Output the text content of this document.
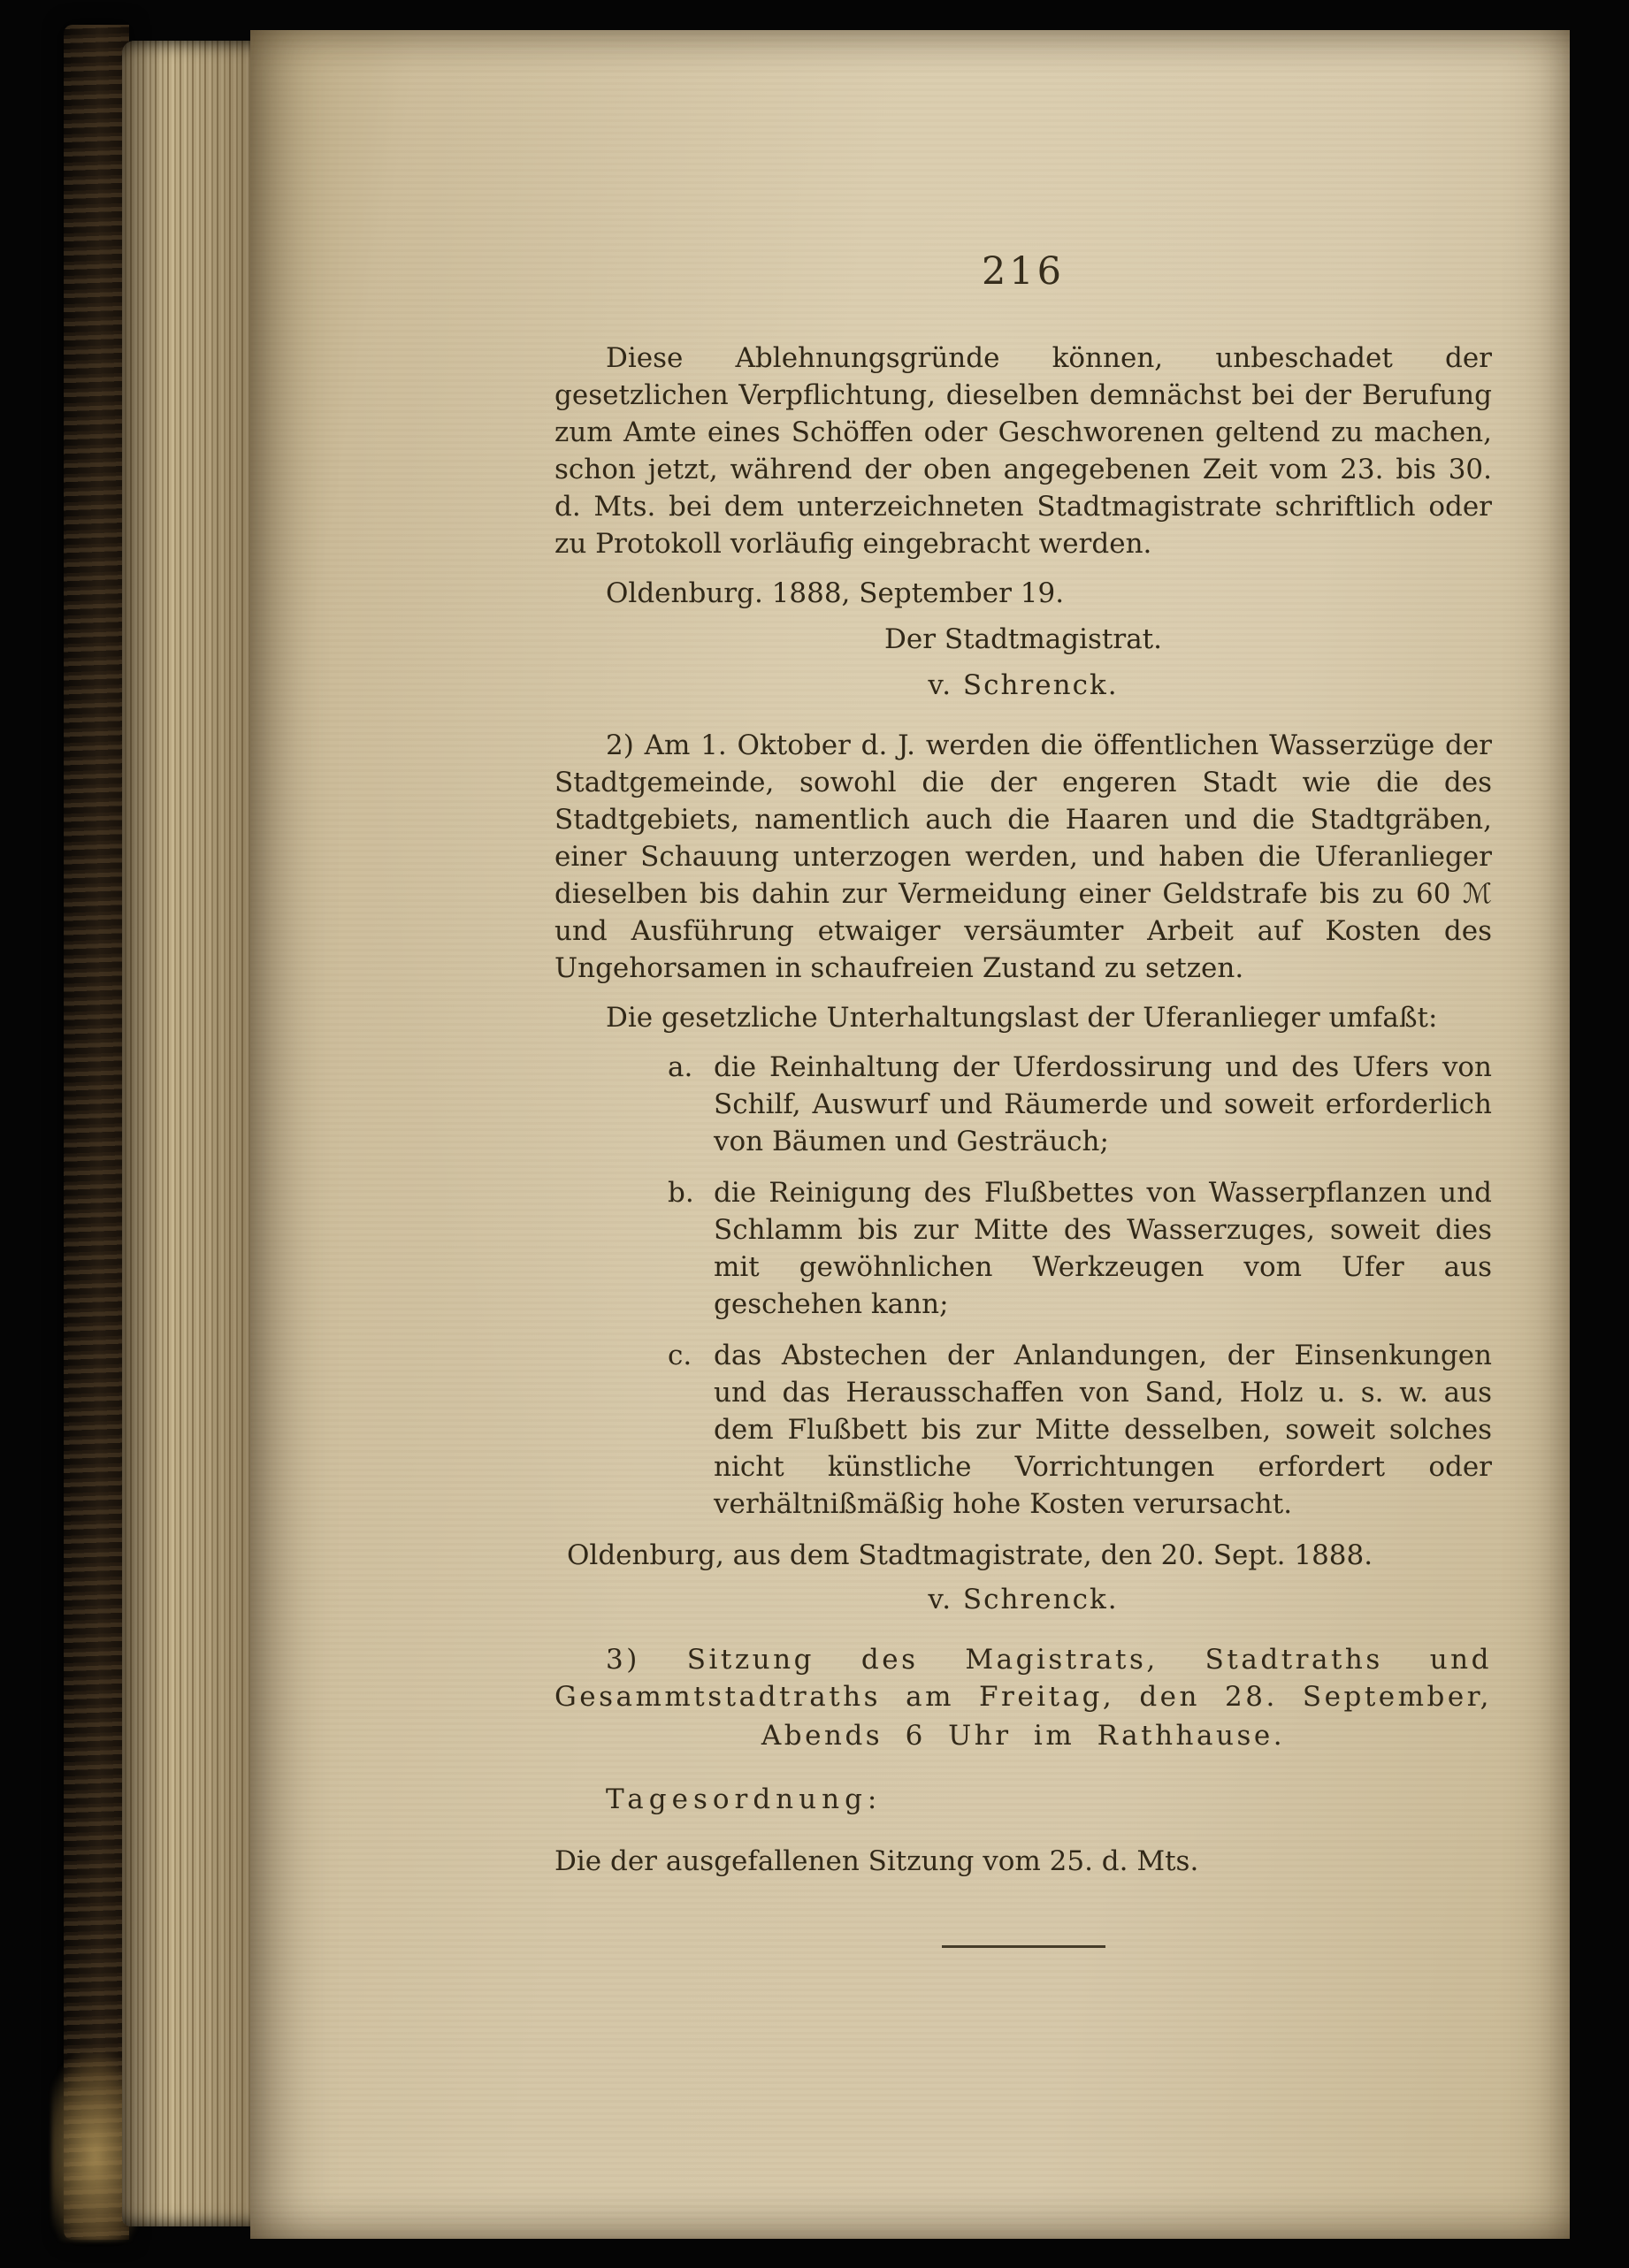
216

Diese Ablehnungsgründe können, unbeschadet der gesetzlichen Verpflichtung, dieselben demnächst bei der Berufung zum Amte eines Schöffen oder Geschworenen geltend zu machen, schon jetzt, während der oben angegebenen Zeit vom 23. bis 30. d. Mts. bei dem unterzeichneten Stadtmagistrate schriftlich oder zu Protokoll vorläufig eingebracht werden.

Oldenburg. 1888, September 19.
Der Stadtmagistrat.
v. Schrenck.

2) Am 1. Oktober d. J. werden die öffentlichen Wasserzüge der Stadtgemeinde, sowohl die der engeren Stadt wie die des Stadtgebiets, namentlich auch die Haaren und die Stadtgräben, einer Schauung unterzogen werden, und haben die Uferanlieger dieselben bis dahin zur Vermeidung einer Geldstrafe bis zu 60 ℳ und Ausführung etwaiger versäumter Arbeit auf Kosten des Ungehorsamen in schaufreien Zustand zu setzen.

Die gesetzliche Unterhaltungslast der Uferanlieger umfaßt:

a. die Reinhaltung der Uferdossirung und des Ufers von Schilf, Auswurf und Räumerde und soweit erforderlich von Bäumen und Gesträuch;
b. die Reinigung des Flußbettes von Wasserpflanzen und Schlamm bis zur Mitte des Wasserzuges, soweit dies mit gewöhnlichen Werkzeugen vom Ufer aus geschehen kann;
c. das Abstechen der Anlandungen, der Einsenkungen und das Herausschaffen von Sand, Holz u. s. w. aus dem Flußbett bis zur Mitte desselben, soweit solches nicht künstliche Vorrichtungen erfordert oder verhältnißmäßig hohe Kosten verursacht.
Oldenburg, aus dem Stadtmagistrate, den 20. Sept. 1888.
v. Schrenck.
3) Sitzung des Magistrats, Stadtraths und Gesammtstadtraths am Freitag, den 28. September,
Abends 6 Uhr im Rathhause.
Tagesordnung:
Die der ausgefallenen Sitzung vom 25. d. Mts.
